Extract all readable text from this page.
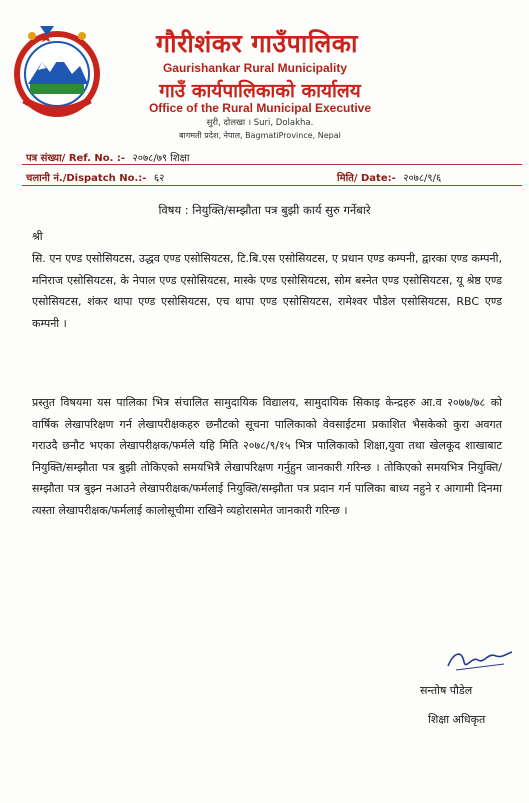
गौरीशंकर गाउँपालिका
Gaurishankar Rural Municipality
गाउँ कार्यपालिकाको कार्यालय
Office of the Rural Municipal Executive
सुरी, दोलखा । Suri, Dolakha.
बागमती प्रदेश, नेपाल, BagmatiProvince, Nepal
पत्र संख्या/ Ref. No. :- २०७८/७९ शिक्षा
चलानी नं./Dispatch No.:- ६२	मिति/ Date:- २०७८/९/६
विषय : नियुक्ति/सम्झौता पत्र बुझी कार्य सुरु गर्नेबारे
श्री
सि. एन एण्ड एसोसियटस, उद्धव एण्ड एसोसियटस, टि.बि.एस एसोसियटस, ए प्रधान एण्ड कम्पनी, द्वारका एण्ड कम्पनी, मनिराज एसोसियटस, के नेपाल एण्ड एसोसियटस, मास्के एण्ड एसोसियटस, सोम बस्नेत एण्ड एसोसियटस, यू श्रेष्ठ एण्ड एसोसियटस, शंकर थापा एण्ड एसोसियटस, एच थापा एण्ड एसोसियटस, रामेश्वर पौडेल एसोसियटस, RBC एण्ड कम्पनी ।
प्रस्तुत विषयमा यस पालिका भित्र संचालित सामुदायिक विद्यालय, सामुदायिक सिकाइ केन्द्रहरु आ.व २०७७/७८ को वार्षिक लेखापरिक्षण गर्न लेखापरीक्षकहरु छनौटको सूचना पालिकाको वेवसाईटमा प्रकाशित भैसकेको कुरा अवगत गराउदै छनौट भएका लेखापरीक्षक/फर्मले यहि मिति २०७८/९/१५ भित्र पालिकाको शिक्षा,युवा तथा खेलकूद शाखाबाट नियुक्ति/सम्झौता पत्र बुझी तोकिएको समयभित्रै लेखापरिक्षण गर्नुहुन जानकारी गरिन्छ । तोकिएको समयभित्र नियुक्ति/सम्झौता पत्र बुझ्न नआउने लेखापरीक्षक/फर्मलाई नियुक्ति/सम्झौता पत्र प्रदान गर्न पालिका बाध्य नहुने र आगामी दिनमा त्यस्ता लेखापरीक्षक/फर्मलाई कालोसूचीमा राखिने व्यहोरासमेत जानकारी गरिन्छ ।
सन्तोष पौडेल
शिक्षा अधिकृत
